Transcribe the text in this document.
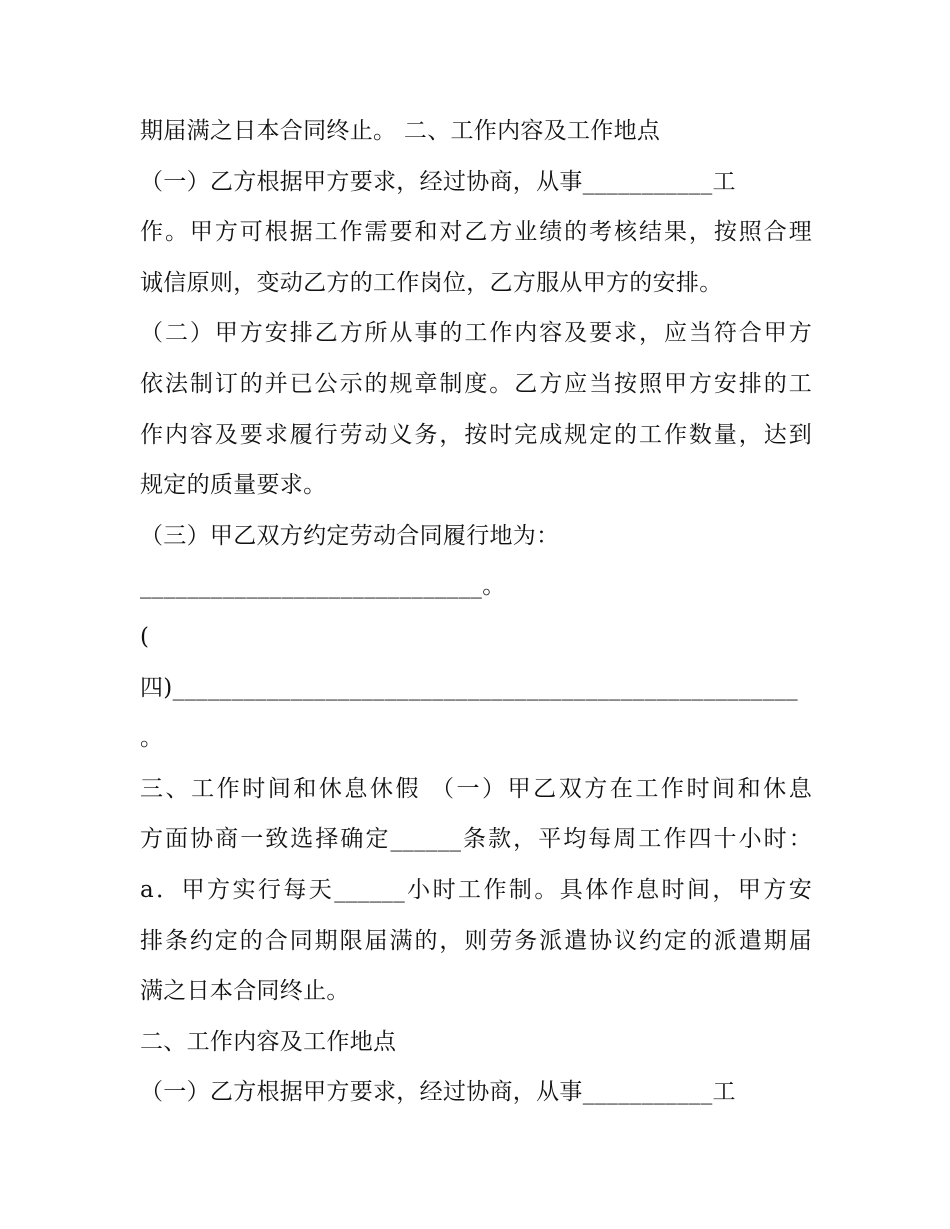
期届满之日本合同终止。 二、工作内容及工作地点
（一）乙方根据甲方要求，经过协商，从事___________工
作。甲方可根据工作需要和对乙方业绩的考核结果，按照合理
诚信原则，变动乙方的工作岗位，乙方服从甲方的安排。
（二）甲方安排乙方所从事的工作内容及要求，应当符合甲方
依法制订的并已公示的规章制度。乙方应当按照甲方安排的工
作内容及要求履行劳动义务，按时完成规定的工作数量，达到
规定的质量要求。
（三）甲乙双方约定劳动合同履行地为：
_____________________________。
(
四)_____________________________________________________
。
三、工作时间和休息休假 （一）甲乙双方在工作时间和休息
方面协商一致选择确定______条款，平均每周工作四十小时：
a．甲方实行每天______小时工作制。具体作息时间，甲方安
排条约定的合同期限届满的，则劳务派遣协议约定的派遣期届
满之日本合同终止。
二、工作内容及工作地点
（一）乙方根据甲方要求，经过协商，从事___________工
